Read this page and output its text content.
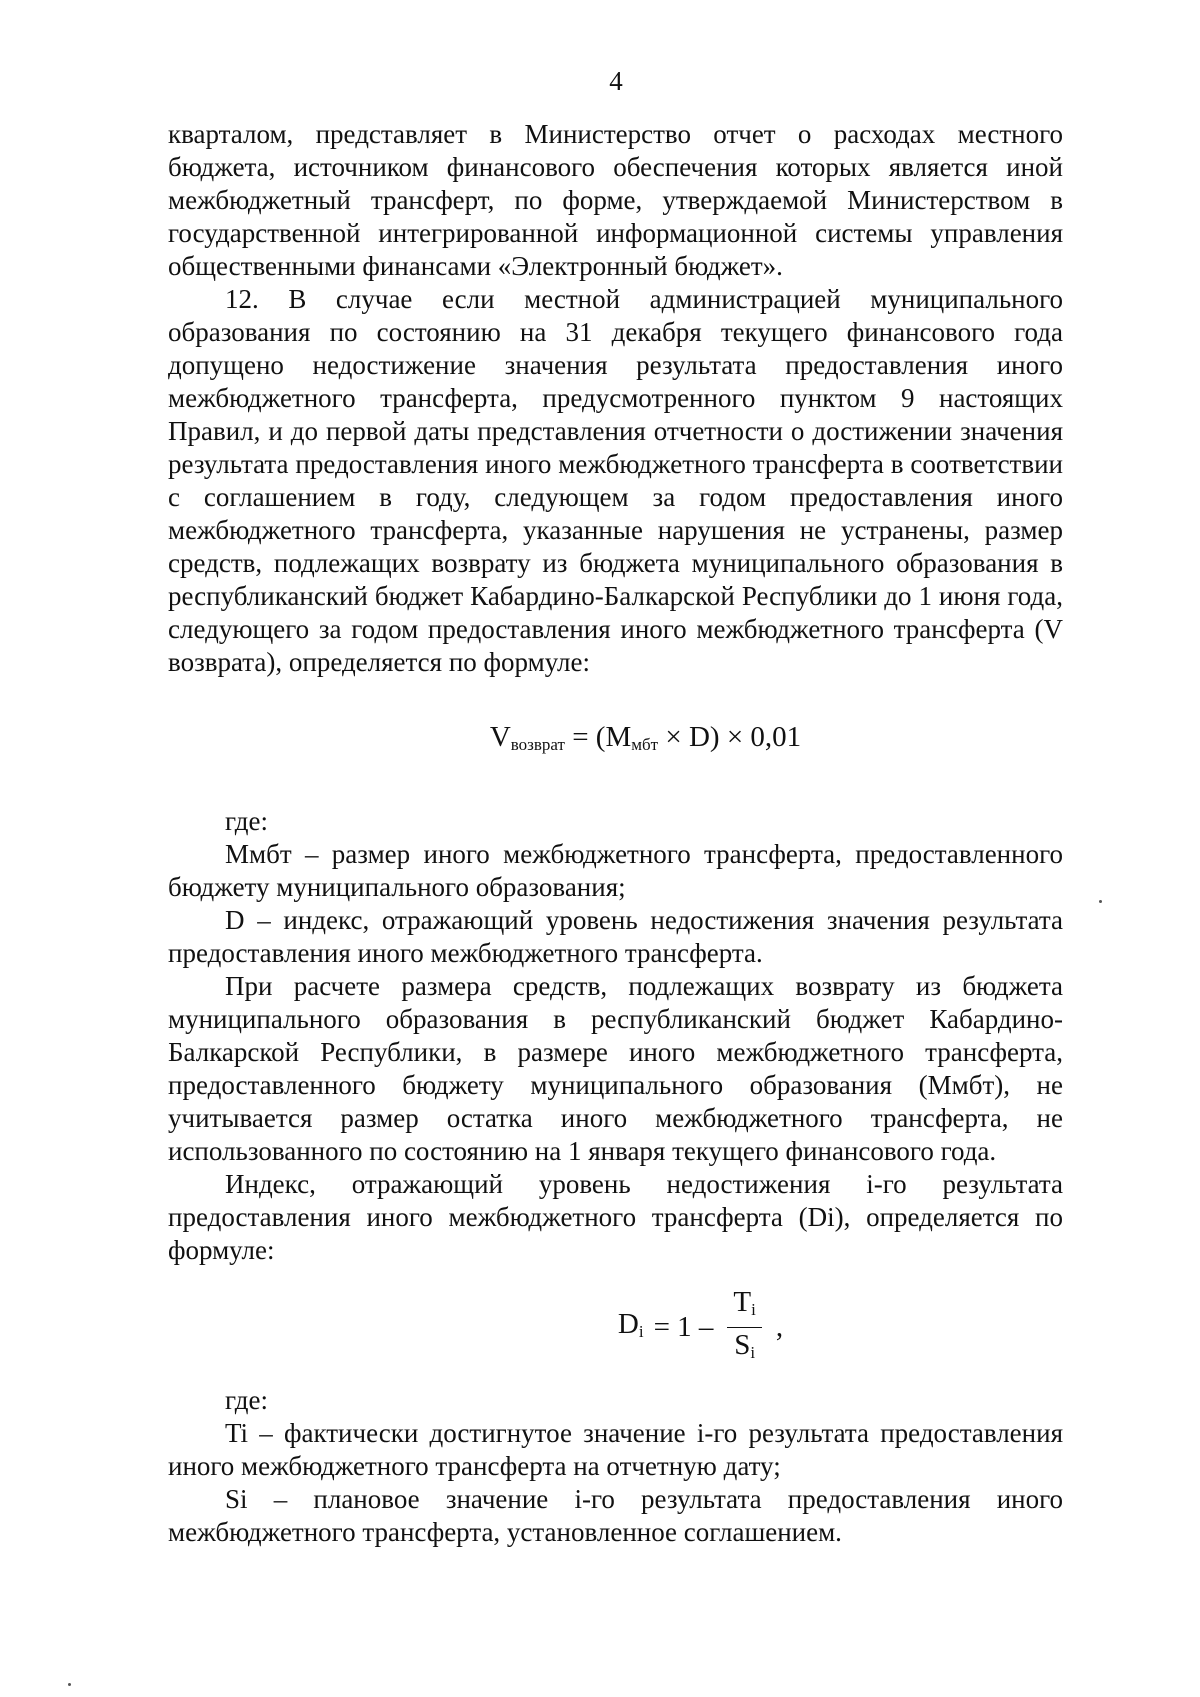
4

кварталом, представляет в Министерство отчет о расходах местного бюджета, источником финансового обеспечения которых является иной межбюджетный трансферт, по форме, утверждаемой Министерством в государственной интегрированной информационной системы управления общественными финансами «Электронный бюджет».

12. В случае если местной администрацией муниципального образования по состоянию на 31 декабря текущего финансового года допущено недостижение значения результата предоставления иного межбюджетного трансферта, предусмотренного пунктом 9 настоящих Правил, и до первой даты представления отчетности о достижении значения результата предоставления иного межбюджетного трансферта в соответствии с соглашением в году, следующем за годом предоставления иного межбюджетного трансферта, указанные нарушения не устранены, размер средств, подлежащих возврату из бюджета муниципального образования в республиканский бюджет Кабардино-Балкарской Республики до 1 июня года, следующего за годом предоставления иного межбюджетного трансферта (V возврата), определяется по формуле:

$V_{возврат} = (M_{мбт} \times D) \times 0,01$

где:

Ммбт – размер иного межбюджетного трансферта, предоставленного бюджету муниципального образования;

D – индекс, отражающий уровень недостижения значения результата предоставления иного межбюджетного трансферта.

При расчете размера средств, подлежащих возврату из бюджета муниципального образования в республиканский бюджет Кабардино-Балкарской Республики, в размере иного межбюджетного трансферта, предоставленного бюджету муниципального образования (Ммбт), не учитывается размер остатка иного межбюджетного трансферта, не использованного по состоянию на 1 января текущего финансового года.

Индекс, отражающий уровень недостижения i-го результата предоставления иного межбюджетного трансферта (Di), определяется по формуле:

$D_i = 1 - \frac{T_i}{S_i}$ ,

где:

Ti – фактически достигнутое значение i-го результата предоставления иного межбюджетного трансферта на отчетную дату;

Si – плановое значение i-го результата предоставления иного межбюджетного трансферта, установленное соглашением.
